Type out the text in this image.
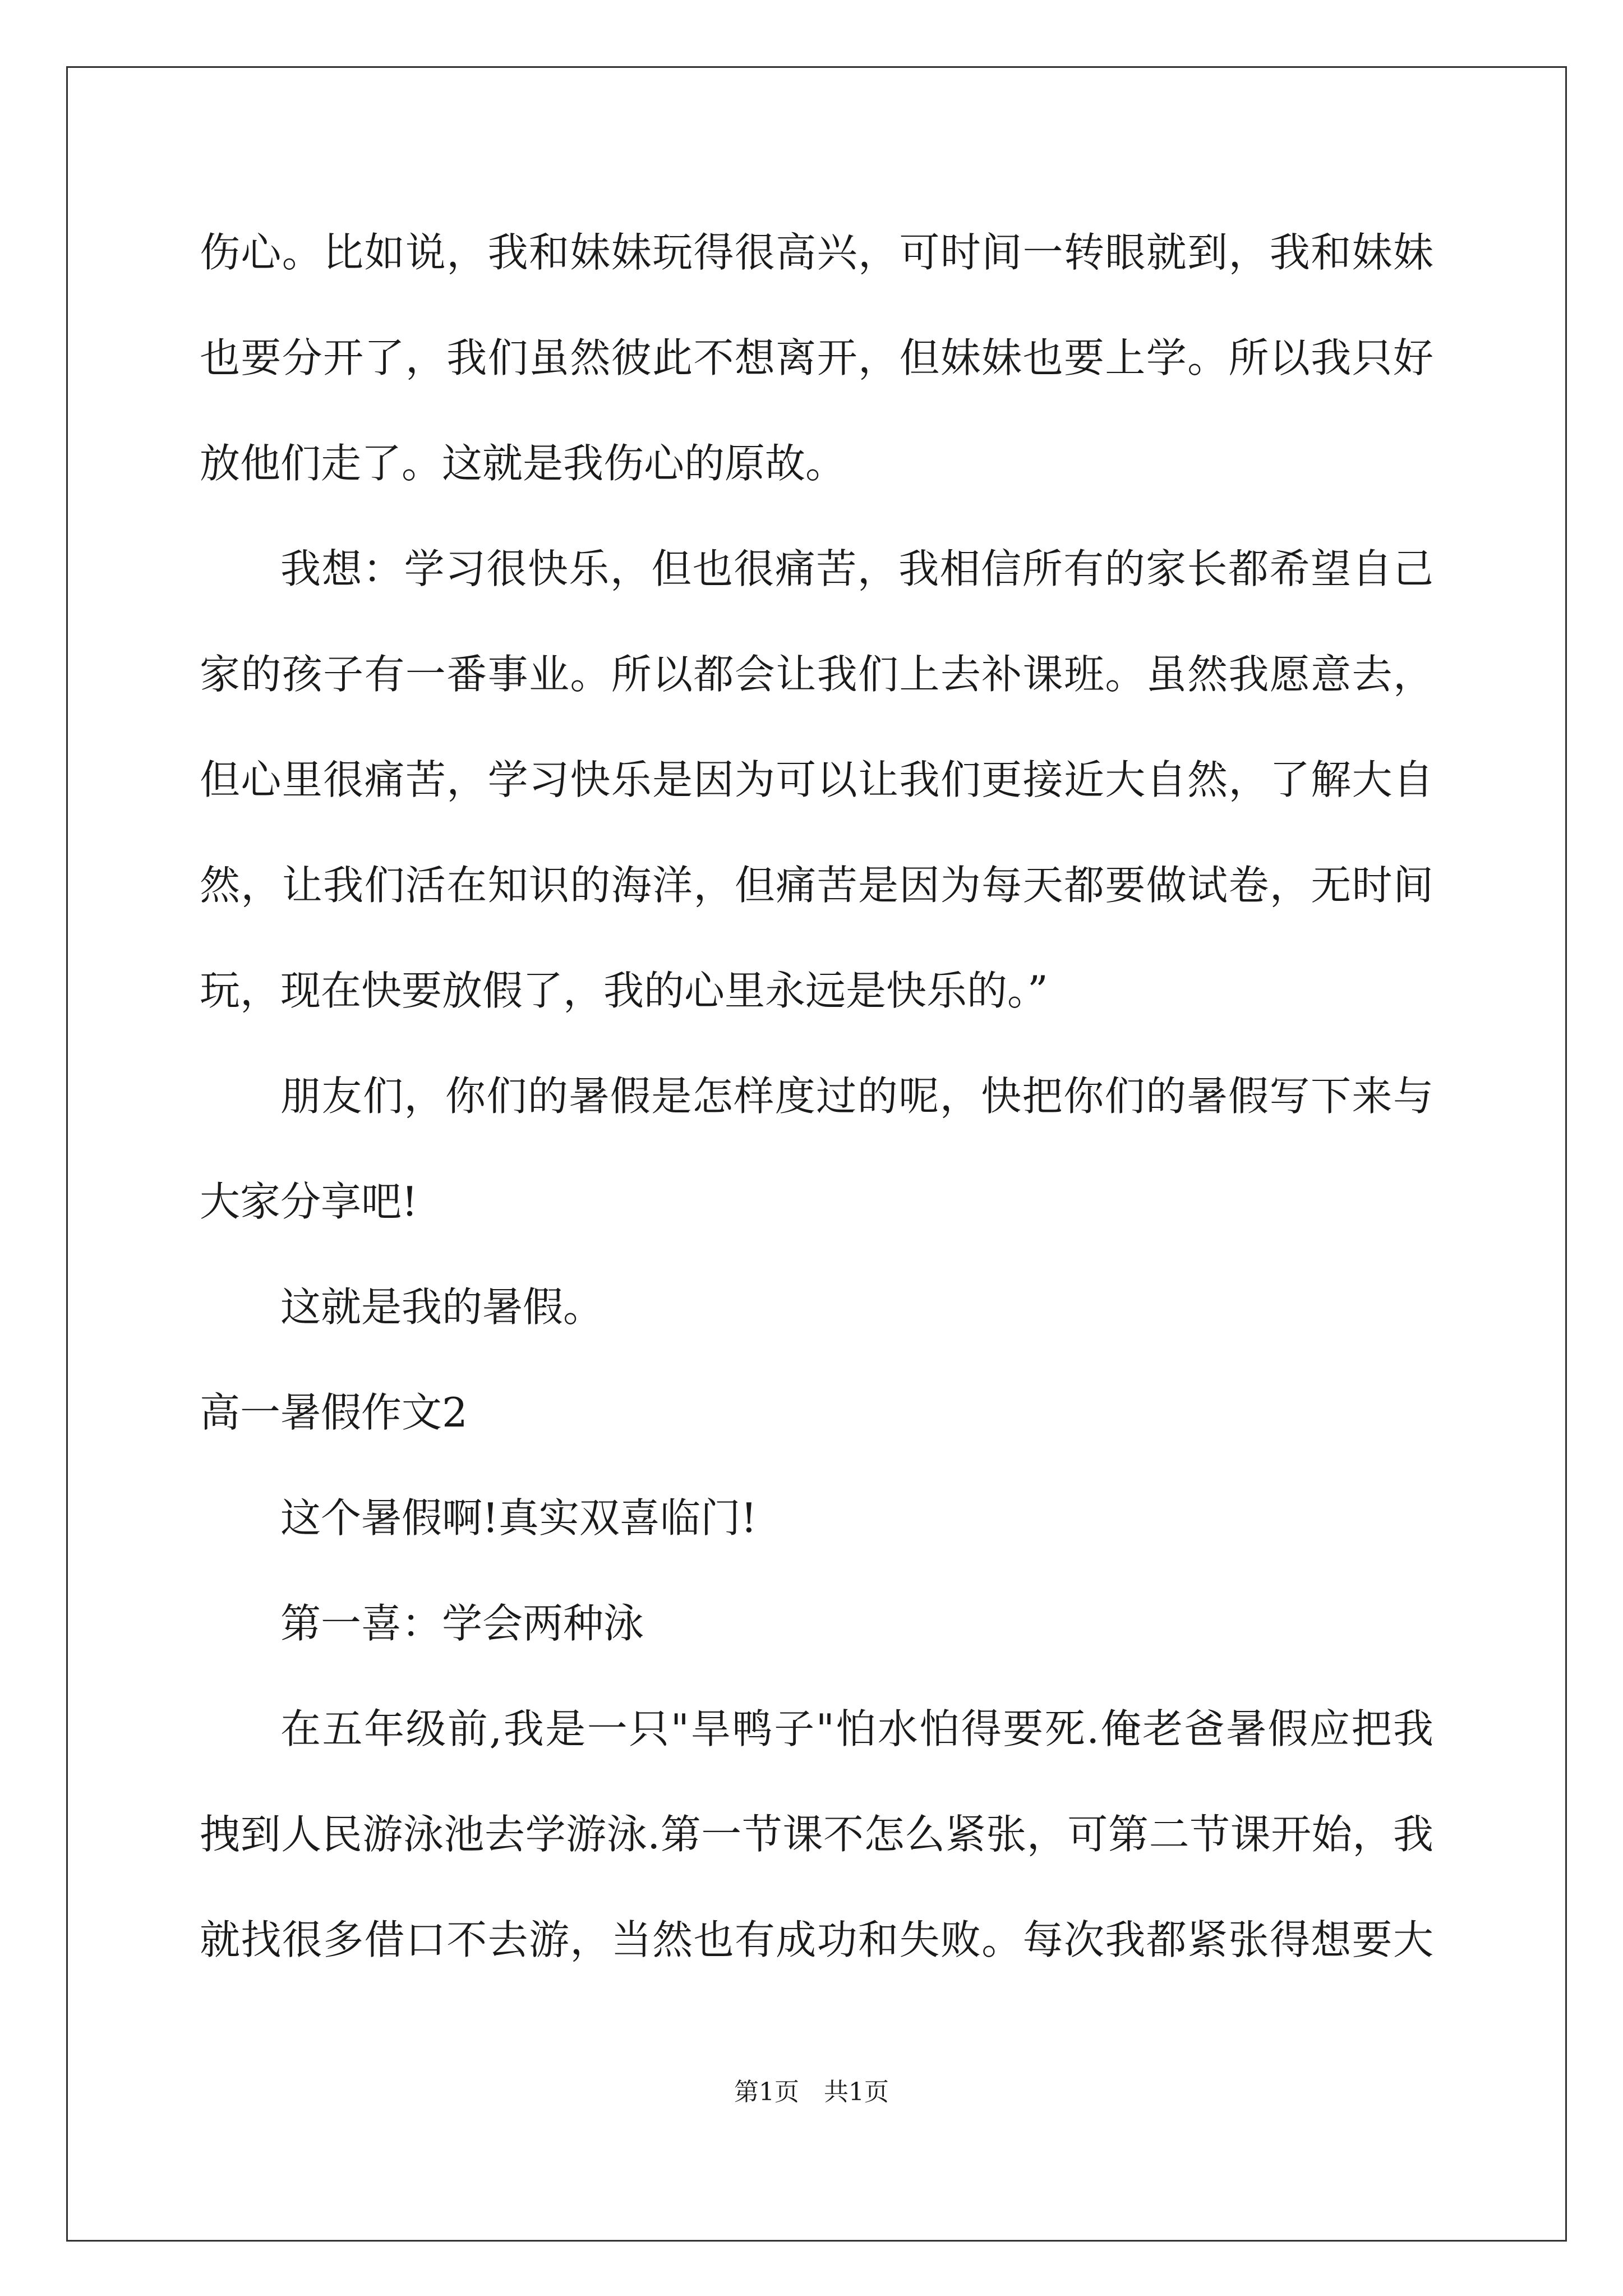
伤心。比如说，我和妹妹玩得很高兴，可时间一转眼就到，我和妹妹
也要分开了，我们虽然彼此不想离开，但妹妹也要上学。所以我只好
放他们走了。这就是我伤心的原故。
我想：学习很快乐，但也很痛苦，我相信所有的家长都希望自己
家的孩子有一番事业。所以都会让我们上去补课班。虽然我愿意去，
但心里很痛苦，学习快乐是因为可以让我们更接近大自然，了解大自
然，让我们活在知识的海洋，但痛苦是因为每天都要做试卷，无时间
玩，现在快要放假了，我的心里永远是快乐的。”
朋友们，你们的暑假是怎样度过的呢，快把你们的暑假写下来与
大家分享吧!
这就是我的暑假。
高一暑假作文2
这个暑假啊!真实双喜临门!
第一喜：学会两种泳
在五年级前,我是一只"旱鸭子"怕水怕得要死.俺老爸暑假应把我
拽到人民游泳池去学游泳.第一节课不怎么紧张，可第二节课开始，我
就找很多借口不去游，当然也有成功和失败。每次我都紧张得想要大
第1页　共1页
